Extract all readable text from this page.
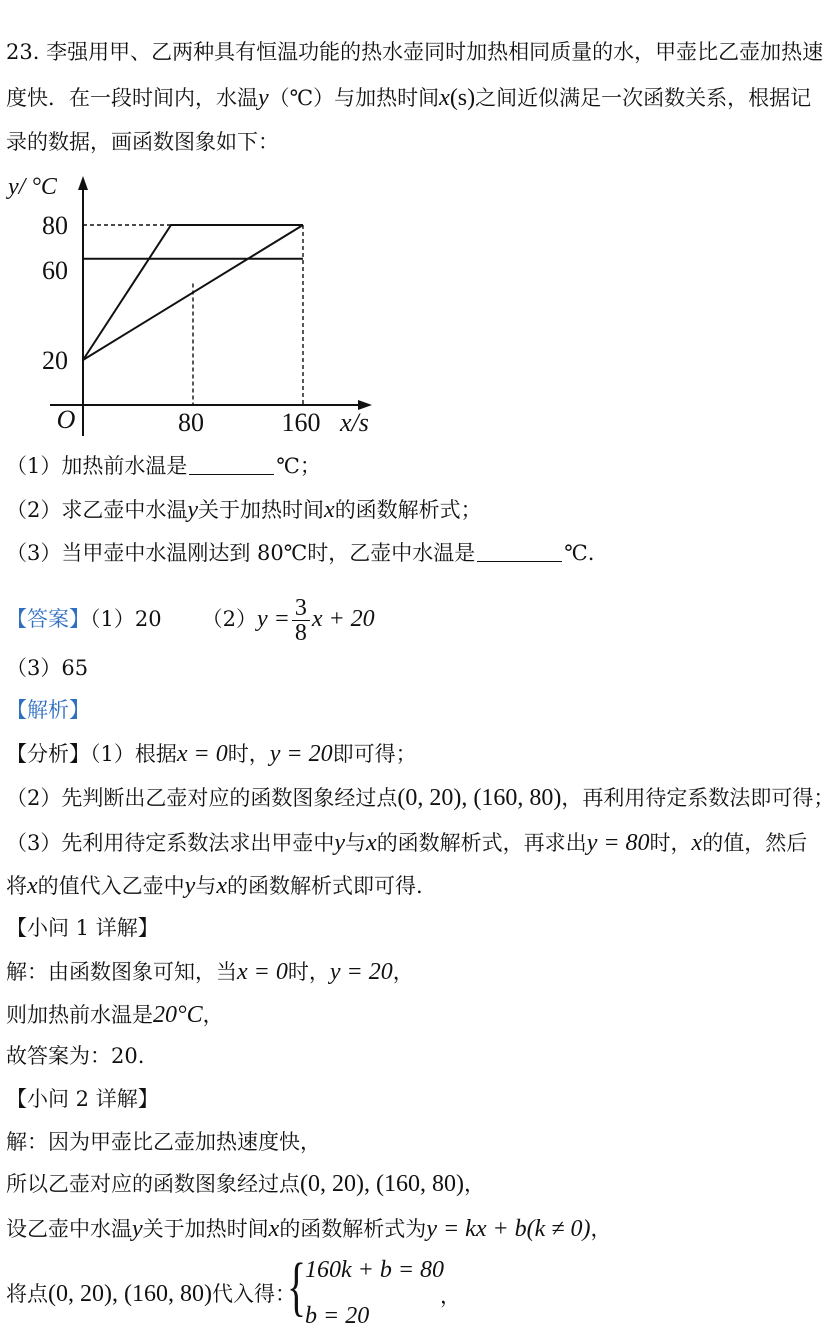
23. 李强用甲、乙两种具有恒温功能的热水壶同时加热相同质量的水，甲壶比乙壶加热速
度快．在一段时间内，水温y（℃）与加热时间x(s)之间近似满足一次函数关系，根据记
录的数据，画函数图象如下：
20
60
80
80	160
O
y/ °C
x/s
（1）加热前水温是	℃；
（2）求乙壶中水温y关于加热时间x的函数解析式；
（3）当甲壶中水温刚达到 80℃时，乙壶中水温是	℃.
【答案】（1）20 $(2)y = \frac{3}{8}$ x + 20
（3）65
【解析】
【分析】（1）根据x = 0时，y = 20即可得；
（2）先判断出乙壶对应的函数图象经过点(0, 20), (160, 80)，再利用待定系数法即可得；
（3）先利用待定系数法求出甲壶中y与x的函数解析式，再求出y = 80时，x的值，然后
将x的值代入乙壶中y与x的函数解析式即可得.
【小问 1 详解】
解：由函数图象可知，当x = 0时，y = 20，
则加热前水温是20°C，
故答案为：20.
【小问 2 详解】
解：因为甲壶比乙壶加热速度快，
所以乙壶对应的函数图象经过点(0, 20), (160, 80)，
设乙壶中水温y关于加热时间x的函数解析式为y = kx + b(k ≠ 0)，
将点(0, 20), (160, 80)代入得：
{
160k + b = 80
b = 20
，
